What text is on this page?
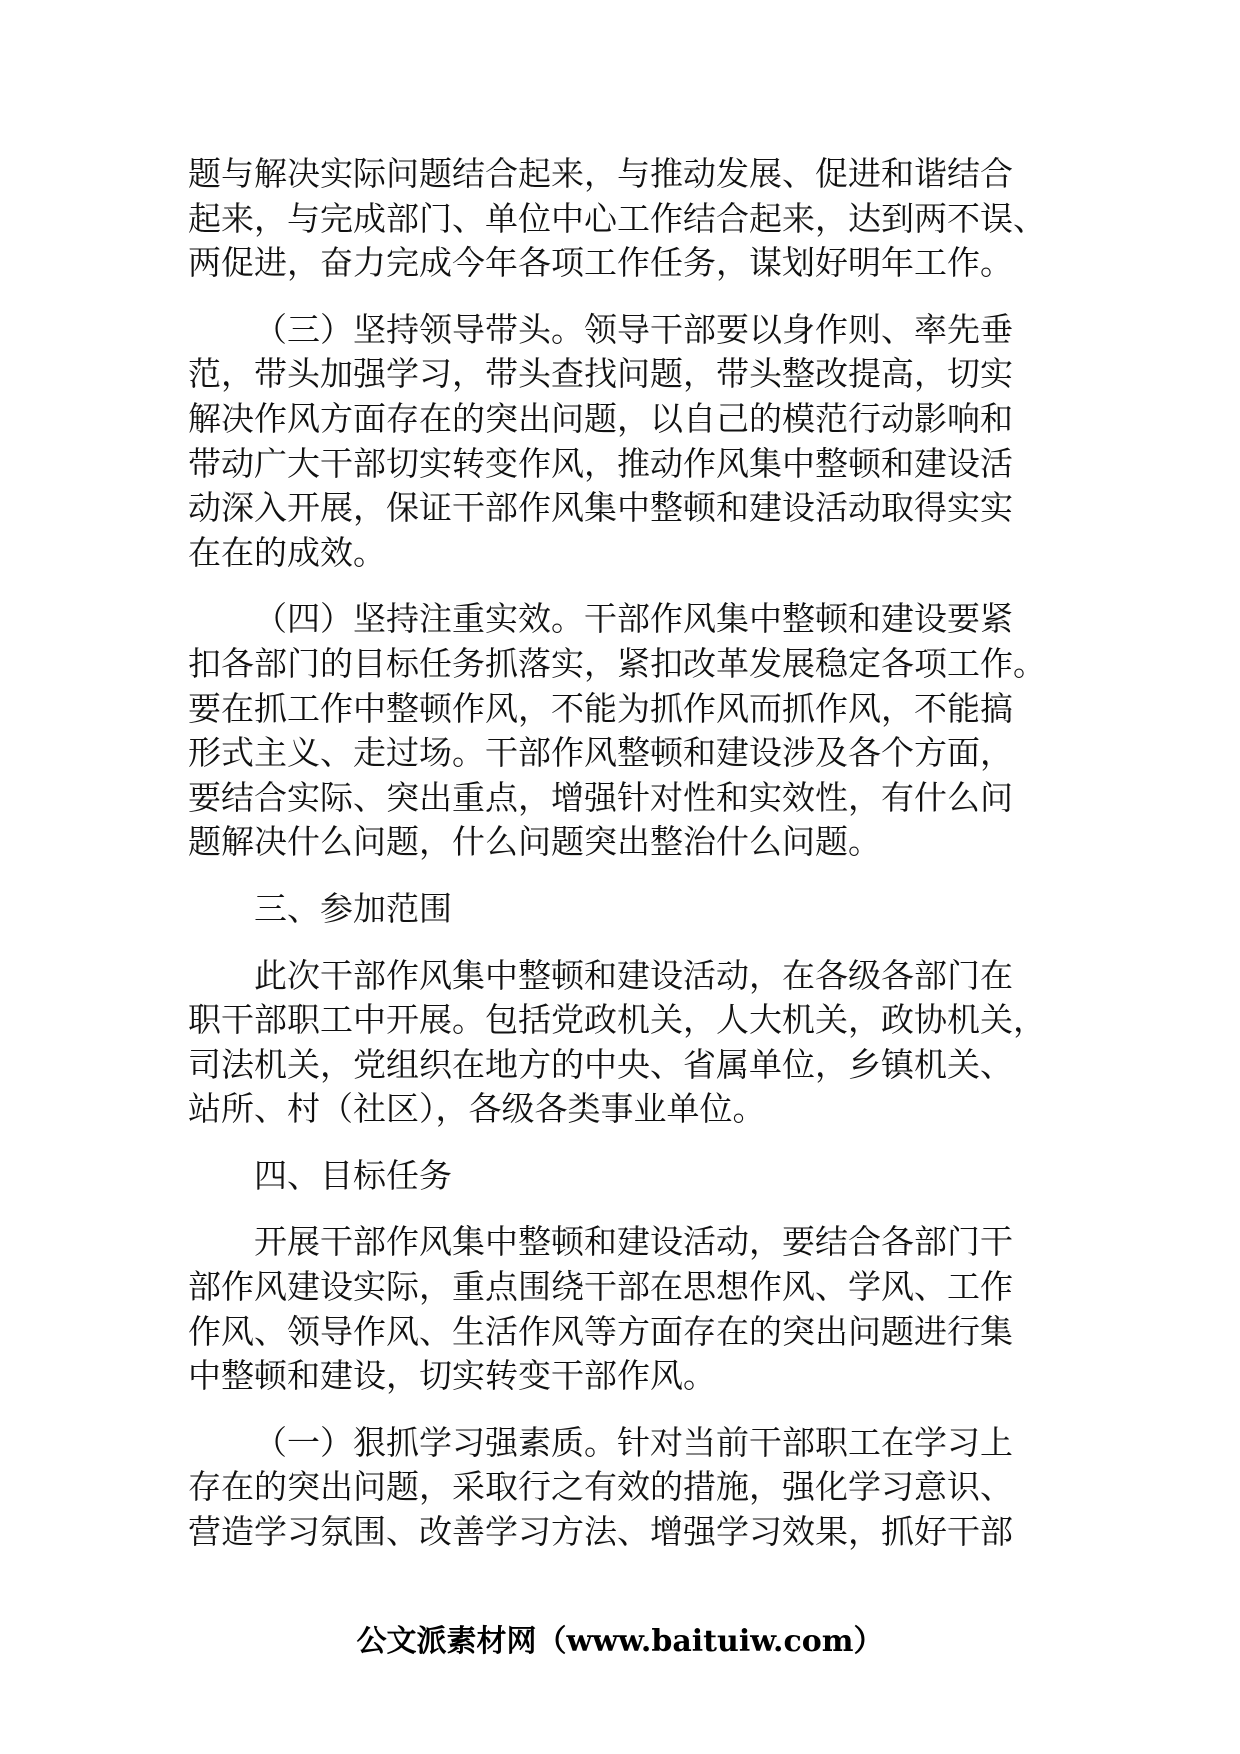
题与解决实际问题结合起来，与推动发展、促进和谐结合
起来，与完成部门、单位中心工作结合起来，达到两不误、
两促进，奋力完成今年各项工作任务，谋划好明年工作。
（三）坚持领导带头。领导干部要以身作则、率先垂
范，带头加强学习，带头查找问题，带头整改提高，切实
解决作风方面存在的突出问题，以自己的模范行动影响和
带动广大干部切实转变作风，推动作风集中整顿和建设活
动深入开展，保证干部作风集中整顿和建设活动取得实实
在在的成效。
（四）坚持注重实效。干部作风集中整顿和建设要紧
扣各部门的目标任务抓落实，紧扣改革发展稳定各项工作。
要在抓工作中整顿作风，不能为抓作风而抓作风，不能搞
形式主义、走过场。干部作风整顿和建设涉及各个方面，
要结合实际、突出重点，增强针对性和实效性，有什么问
题解决什么问题，什么问题突出整治什么问题。
三、参加范围
此次干部作风集中整顿和建设活动，在各级各部门在
职干部职工中开展。包括党政机关，人大机关，政协机关，
司法机关，党组织在地方的中央、省属单位，乡镇机关、
站所、村（社区），各级各类事业单位。
四、目标任务
开展干部作风集中整顿和建设活动，要结合各部门干
部作风建设实际，重点围绕干部在思想作风、学风、工作
作风、领导作风、生活作风等方面存在的突出问题进行集
中整顿和建设，切实转变干部作风。
（一）狠抓学习强素质。针对当前干部职工在学习上
存在的突出问题，采取行之有效的措施，强化学习意识、
营造学习氛围、改善学习方法、增强学习效果，抓好干部
公文派素材网（www.baituiw.com）
